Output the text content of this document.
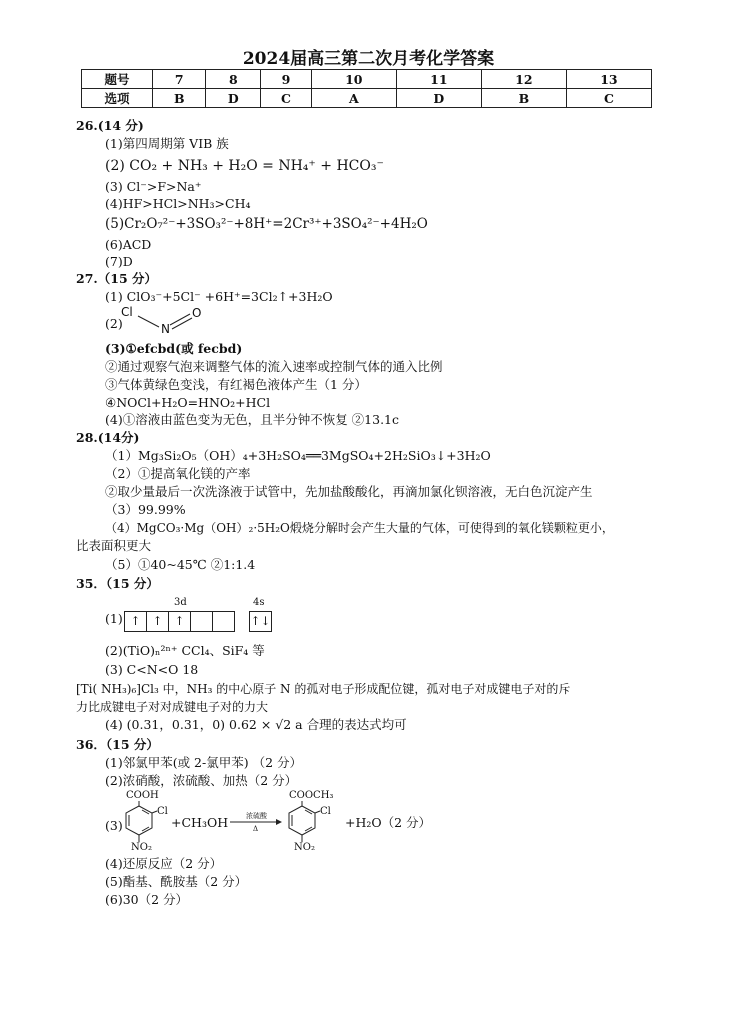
2024届高三第二次月考化学答案
题号	7	8	9	10	11	12	13
选项	B	D	C	A	D	B	C
26.(14 分)
(1)第四周期第 VIB 族
(2) CO₂ + NH₃ + H₂O = NH₄⁺ + HCO₃⁻
(3) Cl⁻>F>Na⁺
(4)HF>HCl>NH₃>CH₄
(5)Cr₂O₇²⁻+3SO₃²⁻+8H⁺=2Cr³⁺+3SO₄²⁻+4H₂O
(6)ACD
(7)D
27.（15 分）
(1) ClO₃⁻+5Cl⁻ +6H⁺=3Cl₂↑+3H₂O
(2)
Cl
N
O
(3)①efcbd(或 fecbd)
②通过观察气泡来调整气体的流入速率或控制气体的通入比例
③气体黄绿色变浅，有红褐色液体产生（1 分）
④NOCl+H₂O=HNO₂+HCl
(4)①溶液由蓝色变为无色，且半分钟不恢复 ②13.1c
28.(14分)
（1）Mg₃Si₂O₅（OH）₄+3H₂SO₄══3MgSO₄+2H₂SiO₃↓+3H₂O
（2）①提高氧化镁的产率
②取少量最后一次洗涤液于试管中，先加盐酸酸化，再滴加氯化钡溶液，无白色沉淀产生
（3）99.99%
（4）MgCO₃·Mg（OH）₂·5H₂O煅烧分解时会产生大量的气体，可使得到的氧化镁颗粒更小，
比表面积更大
（5）①40~45℃ ②1:1.4
35．（15 分）
(1)
3d	4s
↑ ↑ ↑	↑↓
(2)(TiO)ₙ²ⁿ⁺ CCl₄、SiF₄ 等
(3) C<N<O 18
[Ti( NH₃)₆]Cl₃ 中，NH₃ 的中心原子 N 的孤对电子形成配位键，孤对电子对成键电子对的斥
力比成键电子对对成键电子对的力大
(4) (0.31，0.31，0) 0.62 × √2 a 合理的表达式均可
36．（15 分）
(1)邻氯甲苯(或 2-氯甲苯) （2 分）
(2)浓硝酸，浓硫酸、加热（2 分）
(3)
COOH
Cl
NO₂
+CH₃OH	浓硫酸
Δ
COOCH₃
Cl
NO₂
+H₂O（2 分）
(4)还原反应（2 分）
(5)酯基、酰胺基（2 分）
(6)30（2 分）
